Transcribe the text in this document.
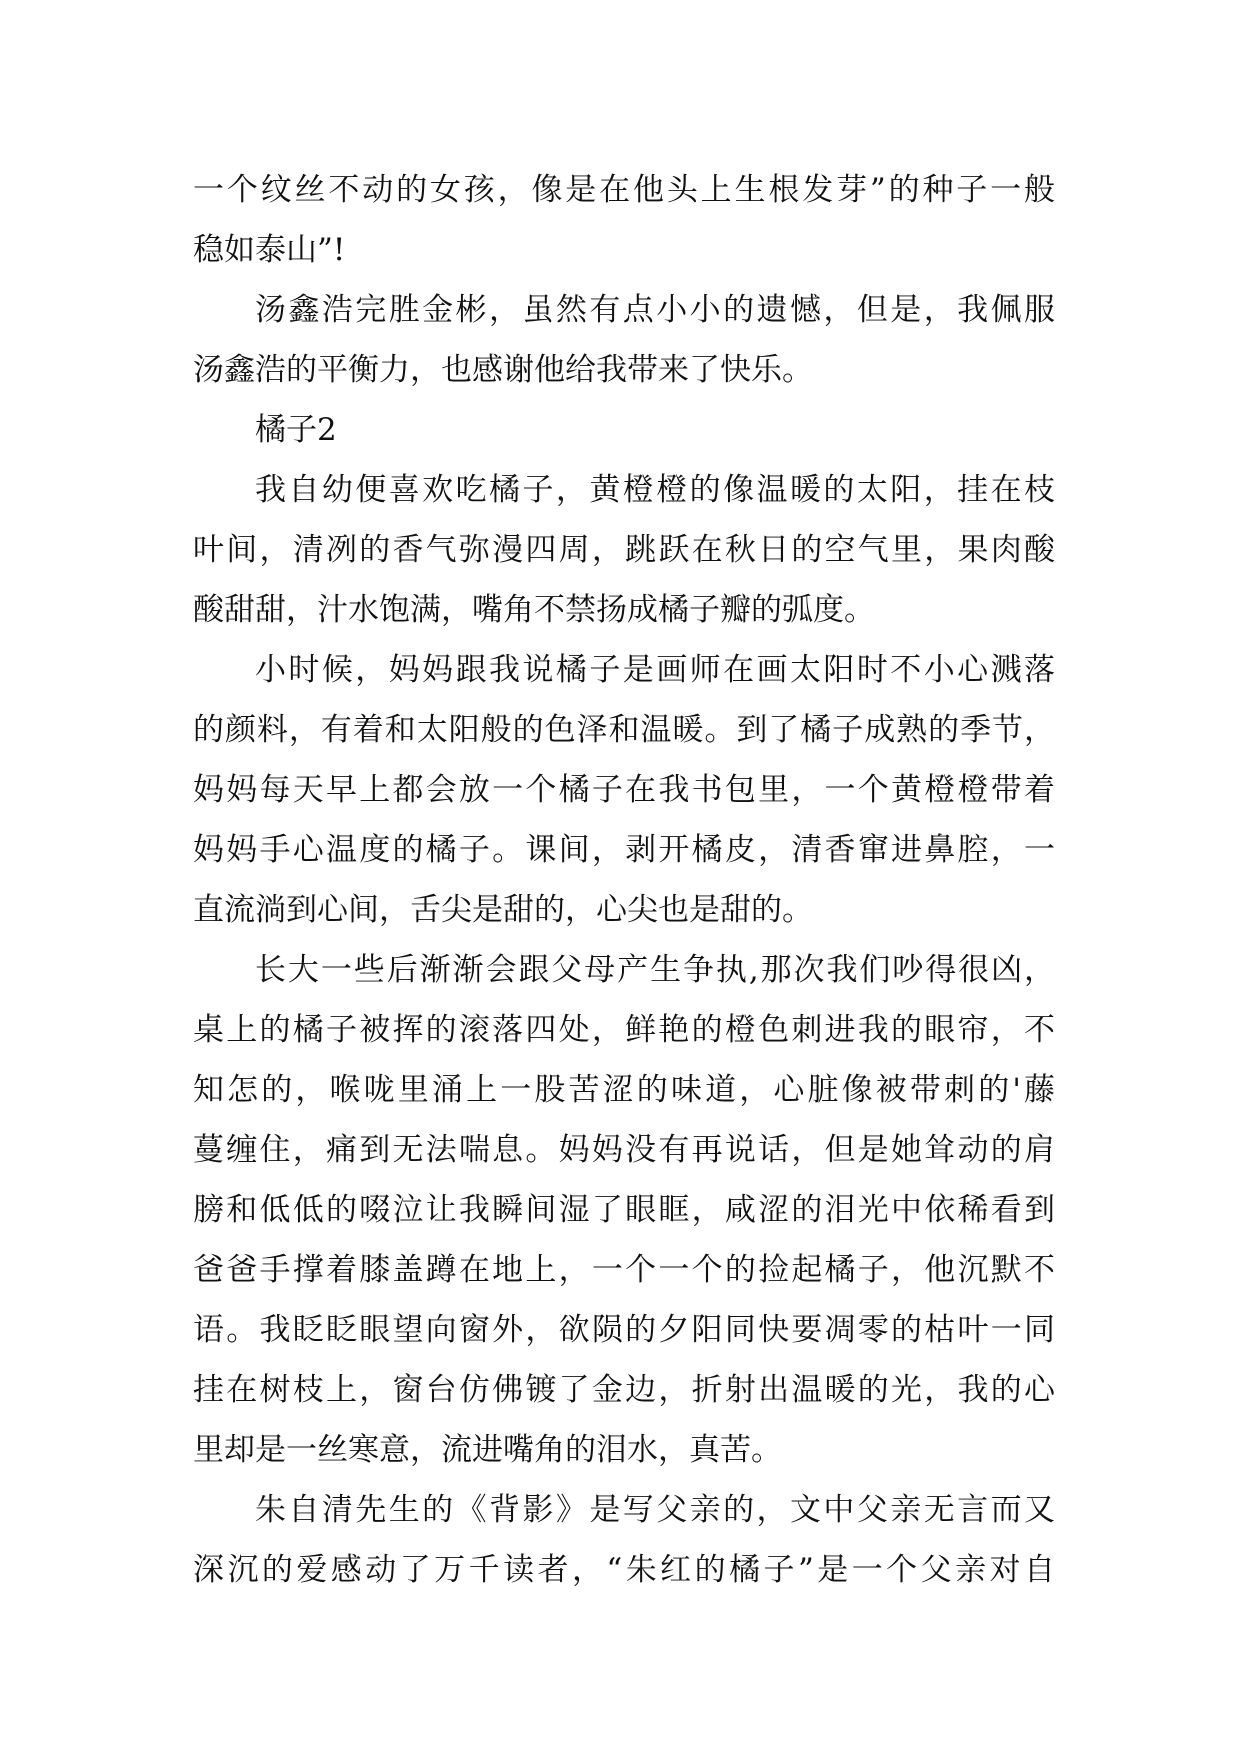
一个纹丝不动的女孩，像是在他头上生根发芽”的种子一般
稳如泰山”!
汤鑫浩完胜金彬，虽然有点小小的遗憾，但是，我佩服
汤鑫浩的平衡力，也感谢他给我带来了快乐。
橘子2
我自幼便喜欢吃橘子，黄橙橙的像温暖的太阳，挂在枝
叶间，清冽的香气弥漫四周，跳跃在秋日的空气里，果肉酸
酸甜甜，汁水饱满，嘴角不禁扬成橘子瓣的弧度。
小时候，妈妈跟我说橘子是画师在画太阳时不小心溅落
的颜料，有着和太阳般的色泽和温暖。到了橘子成熟的季节，
妈妈每天早上都会放一个橘子在我书包里，一个黄橙橙带着
妈妈手心温度的橘子。课间，剥开橘皮，清香窜进鼻腔，一
直流淌到心间，舌尖是甜的，心尖也是甜的。
长大一些后渐渐会跟父母产生争执,那次我们吵得很凶，
桌上的橘子被挥的滚落四处，鲜艳的橙色刺进我的眼帘，不
知怎的，喉咙里涌上一股苦涩的味道，心脏像被带刺的'藤
蔓缠住，痛到无法喘息。妈妈没有再说话，但是她耸动的肩
膀和低低的啜泣让我瞬间湿了眼眶，咸涩的泪光中依稀看到
爸爸手撑着膝盖蹲在地上，一个一个的捡起橘子，他沉默不
语。我眨眨眼望向窗外，欲陨的夕阳同快要凋零的枯叶一同
挂在树枝上，窗台仿佛镀了金边，折射出温暖的光，我的心
里却是一丝寒意，流进嘴角的泪水，真苦。
朱自清先生的《背影》是写父亲的，文中父亲无言而又
深沉的爱感动了万千读者，“朱红的橘子”是一个父亲对自
